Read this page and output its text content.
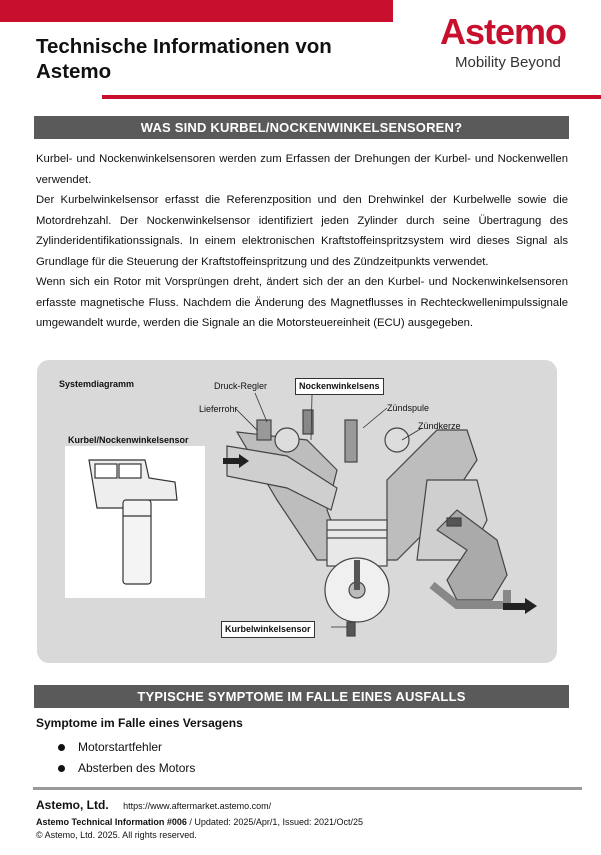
Technische Informationen von
Astemo
Astemo
Mobility Beyond
WAS SIND KURBEL/NOCKENWINKELSENSOREN?

Kurbel- und Nockenwinkelsensoren werden zum Erfassen der Drehungen der Kurbel- und Nockenwellen verwendet.

Der Kurbelwinkelsensor erfasst die Referenzposition und den Drehwinkel der Kurbelwelle sowie die Motordrehzahl. Der Nockenwinkelsensor identifiziert jeden Zylinder durch seine Übertragung des Zylinderidentifikationssignals. In einem elektronischen Kraftstoffeinspritzsystem wird dieses Signal als Grundlage für die Steuerung der Kraftstoffeinspritzung und des Zündzeitpunkts verwendet.

Wenn sich ein Rotor mit Vorsprüngen dreht, ändert sich der an den Kurbel- und Nockenwinkelsensoren erfasste magnetische Fluss. Nachdem die Änderung des Magnetflusses in Rechteckwellenimpulssignale umgewandelt wurde, werden die Signale an die Motorsteuereinheit (ECU) ausgegeben.

Systemdiagramm
Kurbel/Nockenwinkelsensor
Druck-Regler
Lieferrohr
Nockenwinkelsens
Zündspule
Zündkerze
Kurbelwinkelsensor
TYPISCHE SYMPTOME IM FALLE EINES AUSFALLS
Symptome im Falle eines Versagens
Motorstartfehler
Absterben des Motors
Astemo, Ltd. https://www.aftermarket.astemo.com/
Astemo Technical Information #006 / Updated: 2025/Apr/1, Issued: 2021/Oct/25
© Astemo, Ltd. 2025. All rights reserved.
